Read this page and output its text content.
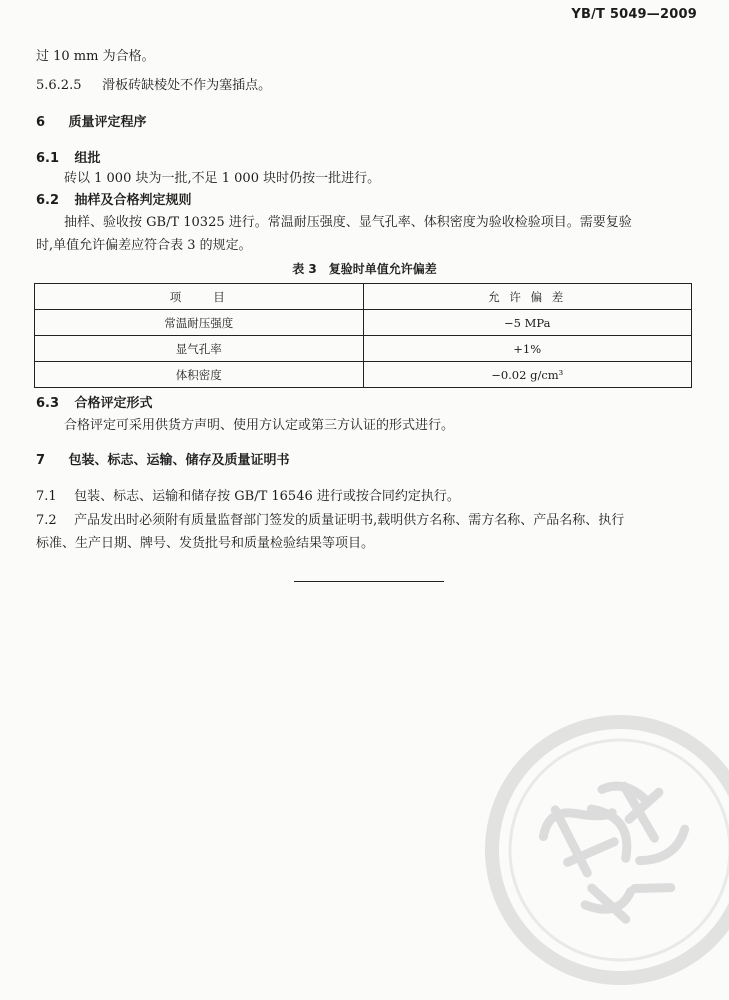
YB/T 5049—2009
过 10 mm 为合格。
5.6.2.5 滑板砖缺棱处不作为塞插点。
6 质量评定程序
6.1 组批
砖以 1 000 块为一批,不足 1 000 块时仍按一批进行。
6.2 抽样及合格判定规则
抽样、验收按 GB/T 10325 进行。常温耐压强度、显气孔率、体积密度为验收检验项目。需要复验
时,单值允许偏差应符合表 3 的规定。
表 3　复验时单值允许偏差
项　　目	允 许 偏 差
常温耐压强度	−5 MPa
显气孔率	+1%
体积密度	−0.02 g/cm³
6.3 合格评定形式
合格评定可采用供货方声明、使用方认定或第三方认证的形式进行。
7 包装、标志、运输、储存及质量证明书
7.1 包装、标志、运输和储存按 GB/T 16546 进行或按合同约定执行。
7.2 产品发出时必须附有质量监督部门签发的质量证明书,载明供方名称、需方名称、产品名称、执行
标准、生产日期、牌号、发货批号和质量检验结果等项目。
